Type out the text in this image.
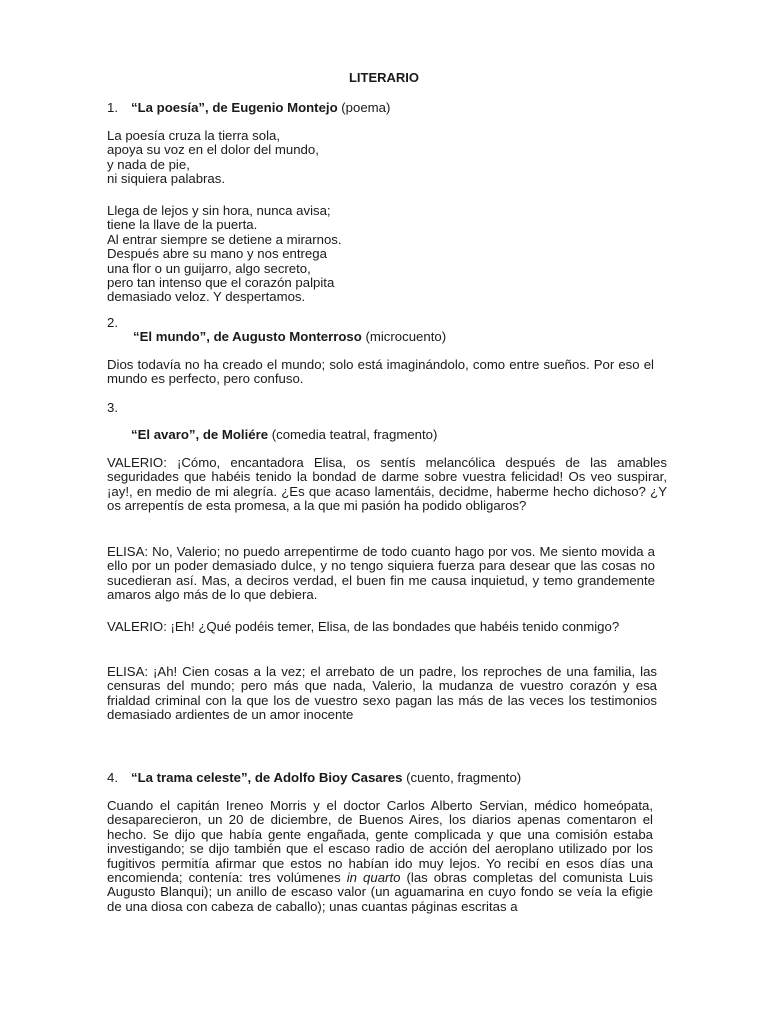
LITERARIO
1. “La poesía”, de Eugenio Montejo (poema)
La poesía cruza la tierra sola,
apoya su voz en el dolor del mundo,
y nada de pie,
ni siquiera palabras.
Llega de lejos y sin hora, nunca avisa;
tiene la llave de la puerta.
Al entrar siempre se detiene a mirarnos.
Después abre su mano y nos entrega
una flor o un guijarro, algo secreto,
pero tan intenso que el corazón palpita
demasiado veloz. Y despertamos.
2.
“El mundo”, de Augusto Monterroso (microcuento)
Dios todavía no ha creado el mundo; solo está imaginándolo, como entre sueños. Por eso el mundo es perfecto, pero confuso.
3.
“El avaro”, de Moliére (comedia teatral, fragmento)
VALERIO: ¡Cómo, encantadora Elisa, os sentís melancólica después de las amables seguridades que habéis tenido la bondad de darme sobre vuestra felicidad! Os veo suspirar, ¡ay!, en medio de mi alegría. ¿Es que acaso lamentáis, decidme, haberme hecho dichoso? ¿Y os arrepentís de esta promesa, a la que mi pasión ha podido obligaros?
ELISA: No, Valerio; no puedo arrepentirme de todo cuanto hago por vos. Me siento movida a ello por un poder demasiado dulce, y no tengo siquiera fuerza para desear que las cosas no sucedieran así. Mas, a deciros verdad, el buen fin me causa inquietud, y temo grandemente amaros algo más de lo que debiera.
VALERIO: ¡Eh! ¿Qué podéis temer, Elisa, de las bondades que habéis tenido conmigo?
ELISA: ¡Ah! Cien cosas a la vez; el arrebato de un padre, los reproches de una familia, las censuras del mundo; pero más que nada, Valerio, la mudanza de vuestro corazón y esa frialdad criminal con la que los de vuestro sexo pagan las más de las veces los testimonios demasiado ardientes de un amor inocente
4. “La trama celeste”, de Adolfo Bioy Casares (cuento, fragmento)
Cuando el capitán Ireneo Morris y el doctor Carlos Alberto Servian, médico homeópata, desaparecieron, un 20 de diciembre, de Buenos Aires, los diarios apenas comentaron el hecho. Se dijo que había gente engañada, gente complicada y que una comisión estaba investigando; se dijo también que el escaso radio de acción del aeroplano utilizado por los fugitivos permitía afirmar que estos no habían ido muy lejos. Yo recibí en esos días una encomienda; contenía: tres volúmenes in quarto (las obras completas del comunista Luis Augusto Blanqui); un anillo de escaso valor (un aguamarina en cuyo fondo se veía la efigie de una diosa con cabeza de caballo); unas cuantas páginas escritas a
